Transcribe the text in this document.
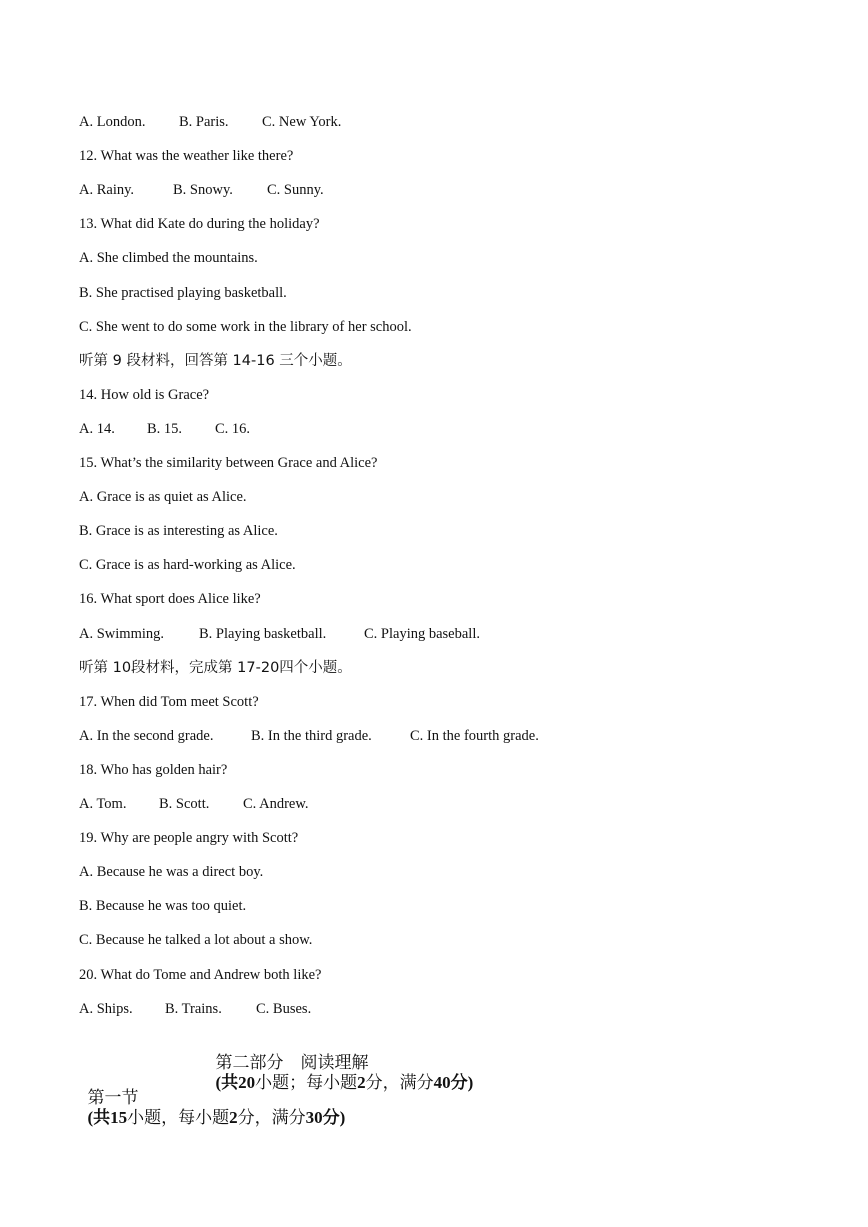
A. London. B. Paris. C. New York.
12. What was the weather like there?
A. Rainy.	B. Snowy. C. Sunny.
13. What did Kate do during the holiday?
A. She climbed the mountains.
B. She practised playing basketball.
C. She went to do some work in the library of her school.
听第 9 段材料，回答第 14-16 三个小题。
14. How old is Grace?
A. 14. B. 15. C. 16.
15. What’s the similarity between Grace and Alice?
A. Grace is as quiet as Alice.
B. Grace is as interesting as Alice.
C. Grace is as hard-working as Alice.
16. What sport does Alice like?
A. Swimming. B. Playing basketball.	C. Playing baseball.
听第 10段材料，完成第 17-20四个小题。
17. When did Tom meet Scott?
A. In the second grade.	B. In the third grade.	C. In the fourth grade.
18. Who has golden hair?
A. Tom. B. Scott. C. Andrew.
19. Why are people angry with Scott?
A. Because he was a direct boy.
B. Because he was too quiet.
C. Because he talked a lot about a show.
20. What do Tome and Andrew both like?
A. Ships. B. Trains. C. Buses.

第二部分  阅读理解
(共20小题；每小题2分，满分40分)

第一节
(共15小题，每小题2分，满分30分)
